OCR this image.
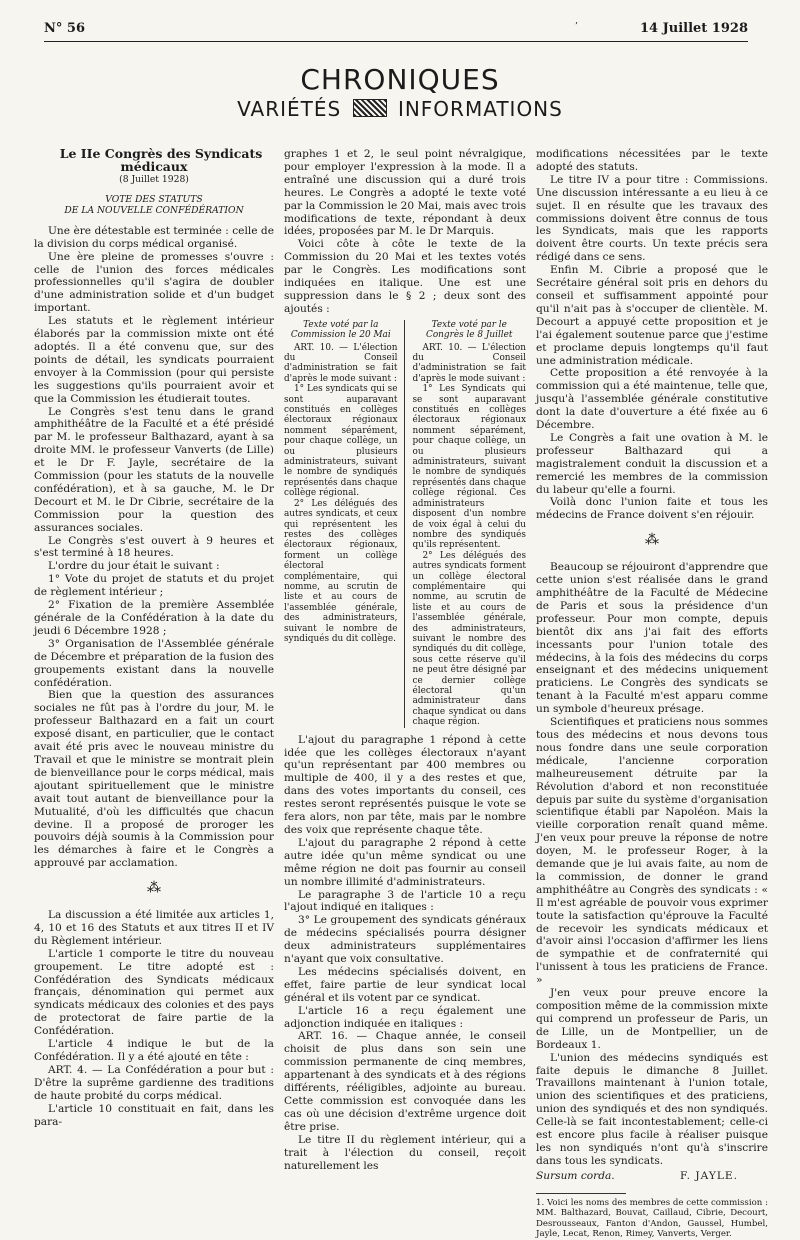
N° 56	’	14 Juillet 1928
CHRONIQUES
VARIÉTÉS	INFORMATIONS

Le IIe Congrès des Syndicats médicaux

(8 Juillet 1928)

VOTE DES STATUTS

DE LA NOUVELLE CONFÉDÉRATION

Une ère détestable est terminée : celle de la division du corps médical organisé.

Une ère pleine de promesses s'ouvre : celle de l'union des forces médicales professionnelles qu'il s'agira de doubler d'une administration solide et d'un budget important.

Les statuts et le règlement intérieur élaborés par la commission mixte ont été adoptés. Il a été convenu que, sur des points de détail, les syndicats pourraient envoyer à la Commission (pour qui persiste les suggestions qu'ils pourraient avoir et que la Commission les étudierait toutes.

Le Congrès s'est tenu dans le grand amphithéâtre de la Faculté et a été présidé par M. le professeur Balthazard, ayant à sa droite MM. le professeur Vanverts (de Lille) et le Dr F. Jayle, secrétaire de la Commission (pour les statuts de la nouvelle confédération), et à sa gauche, M. le Dr Decourt et M. le Dr Cibrie, secrétaire de la Commission pour la question des assurances sociales.

Le Congrès s'est ouvert à 9 heures et s'est terminé à 18 heures.

L'ordre du jour était le suivant :

1° Vote du projet de statuts et du projet de règlement intérieur ;

2° Fixation de la première Assemblée générale de la Confédération à la date du jeudi 6 Décembre 1928 ;

3° Organisation de l'Assemblée générale de Décembre et préparation de la fusion des groupements existant dans la nouvelle confédération.

Bien que la question des assurances sociales ne fût pas à l'ordre du jour, M. le professeur Balthazard en a fait un court exposé disant, en particulier, que le contact avait été pris avec le nouveau ministre du Travail et que le ministre se montrait plein de bienveillance pour le corps médical, mais ajoutant spirituellement que le ministre avait tout autant de bienveillance pour la Mutualité, d'où les difficultés que chacun devine. Il a proposé de proroger les pouvoirs déjà soumis à la Commission pour les démarches à faire et le Congrès a approuvé par acclamation.

⁂

La discussion a été limitée aux articles 1, 4, 10 et 16 des Statuts et aux titres II et IV du Règlement intérieur.

L'article 1 comporte le titre du nouveau groupement. Le titre adopté est : Confédération des Syndicats médicaux français, dénomination qui permet aux syndicats médicaux des colonies et des pays de protectorat de faire partie de la Confédération.

L'article 4 indique le but de la Confédération. Il y a été ajouté en tête :

ART. 4. — La Confédération a pour but : D'être la suprême gardienne des traditions de haute probité du corps médical.

L'article 10 constituait en fait, dans les para-

graphes 1 et 2, le seul point névralgique, pour employer l'expression à la mode. Il a entraîné une discussion qui a duré trois heures. Le Congrès a adopté le texte voté par la Commission le 20 Mai, mais avec trois modifications de texte, répondant à deux idées, proposées par M. le Dr Marquis.

Voici côte à côte le texte de la Commission du 20 Mai et les textes votés par le Congrès. Les modifications sont indiquées en italique. Une est une suppression dans le § 2 ; deux sont des ajoutés :

Texte voté par la Commission le 20 Mai

ART. 10. — L'élection du Conseil d'administration se fait d'après le mode suivant :

1° Les syndicats qui se sont auparavant constitués en collèges électoraux régionaux nomment séparément, pour chaque collège, un ou plusieurs administrateurs, suivant le nombre de syndiqués représentés dans chaque collège régional.

2° Les délégués des autres syndicats, et ceux qui représentent les restes des collèges électoraux régionaux, forment un collège électoral complémentaire, qui nomme, au scrutin de liste et au cours de l'assemblée générale, des administrateurs, suivant le nombre de syndiqués du dit collège.

Texte voté par le Congrès le 8 Juillet

ART. 10. — L'élection du Conseil d'administration se fait d'après le mode suivant :

1° Les Syndicats qui se sont auparavant constitués en collèges électoraux régionaux nomment séparément, pour chaque collège, un ou plusieurs administrateurs, suivant le nombre de syndiqués représentés dans chaque collège régional. Ces administrateurs disposent d'un nombre de voix égal à celui du nombre des syndiqués qu'ils représentent.

2° Les délégués des autres syndicats forment un collège électoral complémentaire qui nomme, au scrutin de liste et au cours de l'assemblée générale, des administrateurs, suivant le nombre des syndiqués du dit collège, sous cette réserve qu'il ne peut être désigné par ce dernier collège électoral qu'un administrateur dans chaque syndicat ou dans chaque région.

L'ajout du paragraphe 1 répond à cette idée que les collèges électoraux n'ayant qu'un représentant par 400 membres ou multiple de 400, il y a des restes et que, dans des votes importants du conseil, ces restes seront représentés puisque le vote se fera alors, non par tête, mais par le nombre des voix que représente chaque tête.

L'ajout du paragraphe 2 répond à cette autre idée qu'un même syndicat ou une même région ne doit pas fournir au conseil un nombre illimité d'administrateurs.

Le paragraphe 3 de l'article 10 a reçu l'ajout indiqué en italiques :

3° Le groupement des syndicats généraux de médecins spécialisés pourra désigner deux administrateurs supplémentaires n'ayant que voix consultative.

Les médecins spécialisés doivent, en effet, faire partie de leur syndicat local général et ils votent par ce syndicat.

L'article 16 a reçu également une adjonction indiquée en italiques :

ART. 16. — Chaque année, le conseil choisit de plus dans son sein une commission permanente de cinq membres, appartenant à des syndicats et à des régions différents, rééligibles, adjointe au bureau. Cette commission est convoquée dans les cas où une décision d'extrême urgence doit être prise.

Le titre II du règlement intérieur, qui a trait à l'élection du conseil, reçoit naturellement les

modifications nécessitées par le texte adopté des statuts.

Le titre IV a pour titre : Commissions. Une discussion intéressante a eu lieu à ce sujet. Il en résulte que les travaux des commissions doivent être connus de tous les Syndicats, mais que les rapports doivent être courts. Un texte précis sera rédigé dans ce sens.

Enfin M. Cibrie a proposé que le Secrétaire général soit pris en dehors du conseil et suffisamment appointé pour qu'il n'ait pas à s'occuper de clientèle. M. Decourt a appuyé cette proposition et je l'ai également soutenue parce que j'estime et proclame depuis longtemps qu'il faut une administration médicale.

Cette proposition a été renvoyée à la commission qui a été maintenue, telle que, jusqu'à l'assemblée générale constitutive dont la date d'ouverture a été fixée au 6 Décembre.

Le Congrès a fait une ovation à M. le professeur Balthazard qui a magistralement conduit la discussion et a remercié les membres de la commission du labeur qu'elle a fourni.

Voilà donc l'union faite et tous les médecins de France doivent s'en réjouir.

⁂

Beaucoup se réjouiront d'apprendre que cette union s'est réalisée dans le grand amphithéâtre de la Faculté de Médecine de Paris et sous la présidence d'un professeur. Pour mon compte, depuis bientôt dix ans j'ai fait des efforts incessants pour l'union totale des médecins, à la fois des médecins du corps enseignant et des médecins uniquement praticiens. Le Congrès des syndicats se tenant à la Faculté m'est apparu comme un symbole d'heureux présage.

Scientifiques et praticiens nous sommes tous des médecins et nous devons tous nous fondre dans une seule corporation médicale, l'ancienne corporation malheureusement détruite par la Révolution d'abord et non reconstituée depuis par suite du système d'organisation scientifique établi par Napoléon. Mais la vieille corporation renaît quand même. J'en veux pour preuve la réponse de notre doyen, M. le professeur Roger, à la demande que je lui avais faite, au nom de la commission, de donner le grand amphithéâtre au Congrès des syndicats : « Il m'est agréable de pouvoir vous exprimer toute la satisfaction qu'éprouve la Faculté de recevoir les syndicats médicaux et d'avoir ainsi l'occasion d'affirmer les liens de sympathie et de confraternité qui l'unissent à tous les praticiens de France. »

J'en veux pour preuve encore la composition même de la commission mixte qui comprend un professeur de Paris, un de Lille, un de Montpellier, un de Bordeaux 1.

L'union des médecins syndiqués est faite depuis le dimanche 8 Juillet. Travaillons maintenant à l'union totale, union des scientifiques et des praticiens, union des syndiqués et des non syndiqués. Celle-là se fait incontestablement; celle-ci est encore plus facile à réaliser puisque les non syndiqués n'ont qu'à s'inscrire dans tous les syndicats.

Sursum corda.	F. JAYLE.
1. Voici les noms des membres de cette commission : MM. Balthazard, Bouvat, Caillaud, Cibrie, Decourt, Desrousseaux, Fanton d'Andon, Gaussel, Humbel, Jayle, Lecat, Renon, Rimey, Vanverts, Verger.
